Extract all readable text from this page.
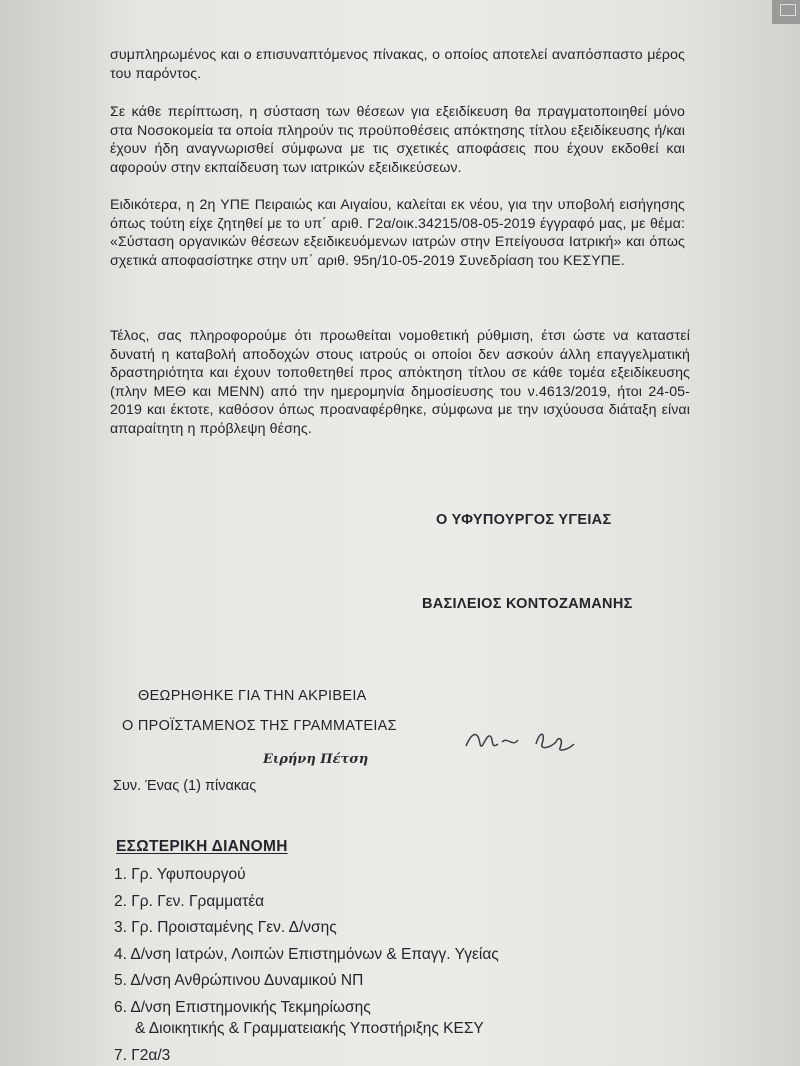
συμπληρωμένος και ο επισυναπτόμενος πίνακας, ο οποίος αποτελεί αναπόσπαστο μέρος του παρόντος.

Σε κάθε περίπτωση, η σύσταση των θέσεων για εξειδίκευση θα πραγματοποιηθεί μόνο στα Νοσοκομεία τα οποία πληρούν τις προϋποθέσεις απόκτησης τίτλου εξειδίκευσης ή/και έχουν ήδη αναγνωρισθεί σύμφωνα με τις σχετικές αποφάσεις που έχουν εκδοθεί και αφορούν στην εκπαίδευση των ιατρικών εξειδικεύσεων.

Ειδικότερα, η 2η ΥΠΕ Πειραιώς και Αιγαίου, καλείται εκ νέου, για την υποβολή εισήγησης όπως τούτη είχε ζητηθεί με το υπ΄ αριθ. Γ2α/οικ.34215/08-05-2019 έγγραφό μας, με θέμα: «Σύσταση οργανικών θέσεων εξειδικευόμενων ιατρών στην Επείγουσα Ιατρική» και όπως σχετικά αποφασίστηκε στην υπ΄ αριθ. 95η/10-05-2019 Συνεδρίαση του ΚΕΣΥΠΕ.

Τέλος, σας πληροφορούμε ότι προωθείται νομοθετική ρύθμιση, έτσι ώστε να καταστεί δυνατή η καταβολή αποδοχών στους ιατρούς οι οποίοι δεν ασκούν άλλη επαγγελματική δραστηριότητα και έχουν τοποθετηθεί προς απόκτηση τίτλου σε κάθε τομέα εξειδίκευσης (πλην ΜΕΘ και ΜΕΝΝ) από την ημερομηνία δημοσίευσης του ν.4613/2019, ήτοι 24-05-2019 και έκτοτε, καθόσον όπως προαναφέρθηκε, σύμφωνα με την ισχύουσα διάταξη είναι απαραίτητη η πρόβλεψη θέσης.

Ο ΥΦΥΠΟΥΡΓΟΣ ΥΓΕΙΑΣ
ΒΑΣΙΛΕΙΟΣ ΚΟΝΤΟΖΑΜΑΝΗΣ
ΘΕΩΡΗΘΗΚΕ ΓΙΑ ΤΗΝ ΑΚΡΙΒΕΙΑ
Ο ΠΡΟΪΣΤΑΜΕΝΟΣ ΤΗΣ ΓΡΑΜΜΑΤΕΙΑΣ
Ειρήνη Πέτση
Συν. Ένας (1) πίνακας
ΕΣΩΤΕΡΙΚΗ ΔΙΑΝΟΜΗ
1. Γρ. Υφυπουργού
2. Γρ. Γεν. Γραμματέα
3. Γρ. Προισταμένης Γεν. Δ/νσης
4. Δ/νση Ιατρών, Λοιπών Επιστημόνων & Επαγγ. Υγείας
5. Δ/νση Ανθρώπινου Δυναμικού ΝΠ
6. Δ/νση Επιστημονικής Τεκμηρίωσης
& Διοικητικής & Γραμματειακής Υποστήριξης ΚΕΣΥ
7. Γ2α/3
